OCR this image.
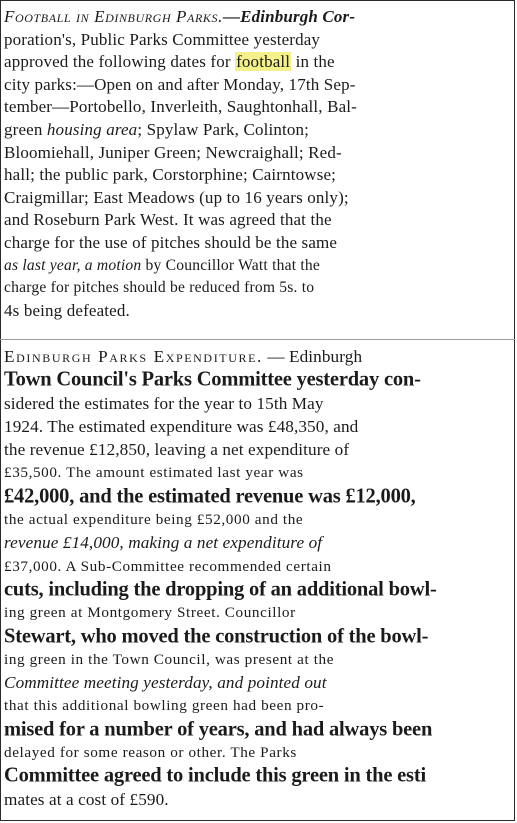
Football in Edinburgh Parks.—Edinburgh Cor-
poration's, Public Parks Committee yesterday
approved the following dates for football in the
city parks:—Open on and after Monday, 17th Sep-
tember—Portobello, Inverleith, Saughtonhall, Bal-
green housing area; Spylaw Park, Colinton;
Bloomiehall, Juniper Green; Newcraighall; Red-
hall; the public park, Corstorphine; Cairntowse;
Craigmillar; East Meadows (up to 16 years only);
and Roseburn Park West. It was agreed that the
charge for the use of pitches should be the same
as last year, a motion by Councillor Watt that the
charge for pitches should be reduced from 5s. to
4s being defeated.
Edinburgh Parks Expenditure. — Edinburgh
Town Council's Parks Committee yesterday con-
sidered the estimates for the year to 15th May
1924. The estimated expenditure was £48,350, and
the revenue £12,850, leaving a net expenditure of
£35,500. The amount estimated last year was
£42,000, and the estimated revenue was £12,000,
the actual expenditure being £52,000 and the
revenue £14,000, making a net expenditure of
£37,000. A Sub-Committee recommended certain
cuts, including the dropping of an additional bowl-
ing green at Montgomery Street. Councillor
Stewart, who moved the construction of the bowl-
ing green in the Town Council, was present at the
Committee meeting yesterday, and pointed out
that this additional bowling green had been pro-
mised for a number of years, and had always been
delayed for some reason or other. The Parks
Committee agreed to include this green in the esti
mates at a cost of £590.
